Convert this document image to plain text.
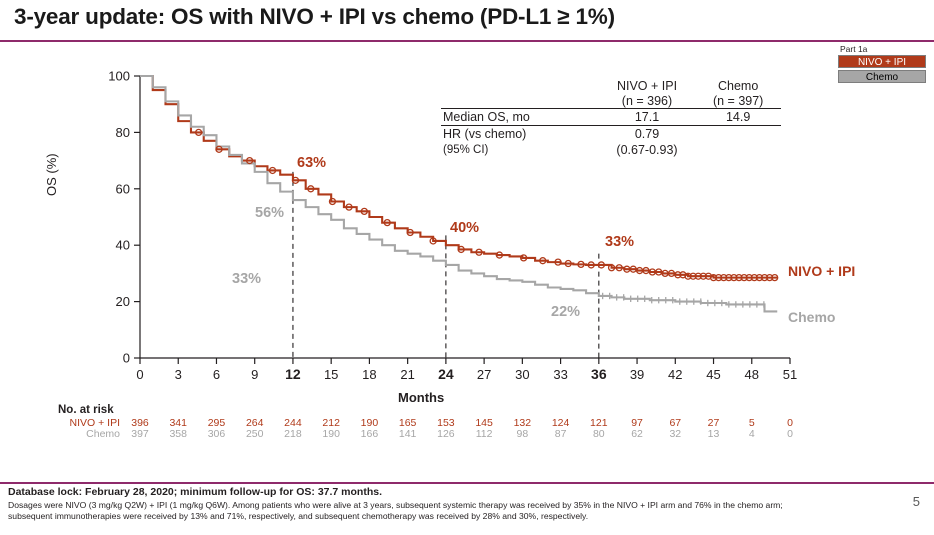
3-year update: OS with NIVO + IPI vs chemo (PD-L1 ≥ 1%)
Part 1a
NIVO + IPI
Chemo
	NIVO + IPI	Chemo
	(n = 396)	(n = 397)

Median OS, mo	17.1	14.9

HR (vs chemo)	0.79	
(95% CI)	(0.67-0.93)	
0
20
40
60
80
100
0 3 6 9 12 15 18 21 24 27 30 33 36 39 42 45 48 51
OS (%)
Months
63%
56%
40%
33%
33%
22%
NIVO + IPI
Chemo
No. at risk
NIVO + IPI	396	341	295	264	244	212	190	165	153	145	132	124	121	97	67	27	5	0
Chemo	397	358	306	250	218	190	166	141	126	112	98	87	80	62	32	13	4	0
Database lock: February 28, 2020; minimum follow-up for OS: 37.7 months.
Dosages were NIVO (3 mg/kg Q2W) + IPI (1 mg/kg Q6W). Among patients who were alive at 3 years, subsequent systemic therapy was received by 35% in the NIVO + IPI arm and 76% in the chemo arm;
subsequent immunotherapies were received by 13% and 71%, respectively, and subsequent chemotherapy was received by 28% and 30%, respectively.
5
